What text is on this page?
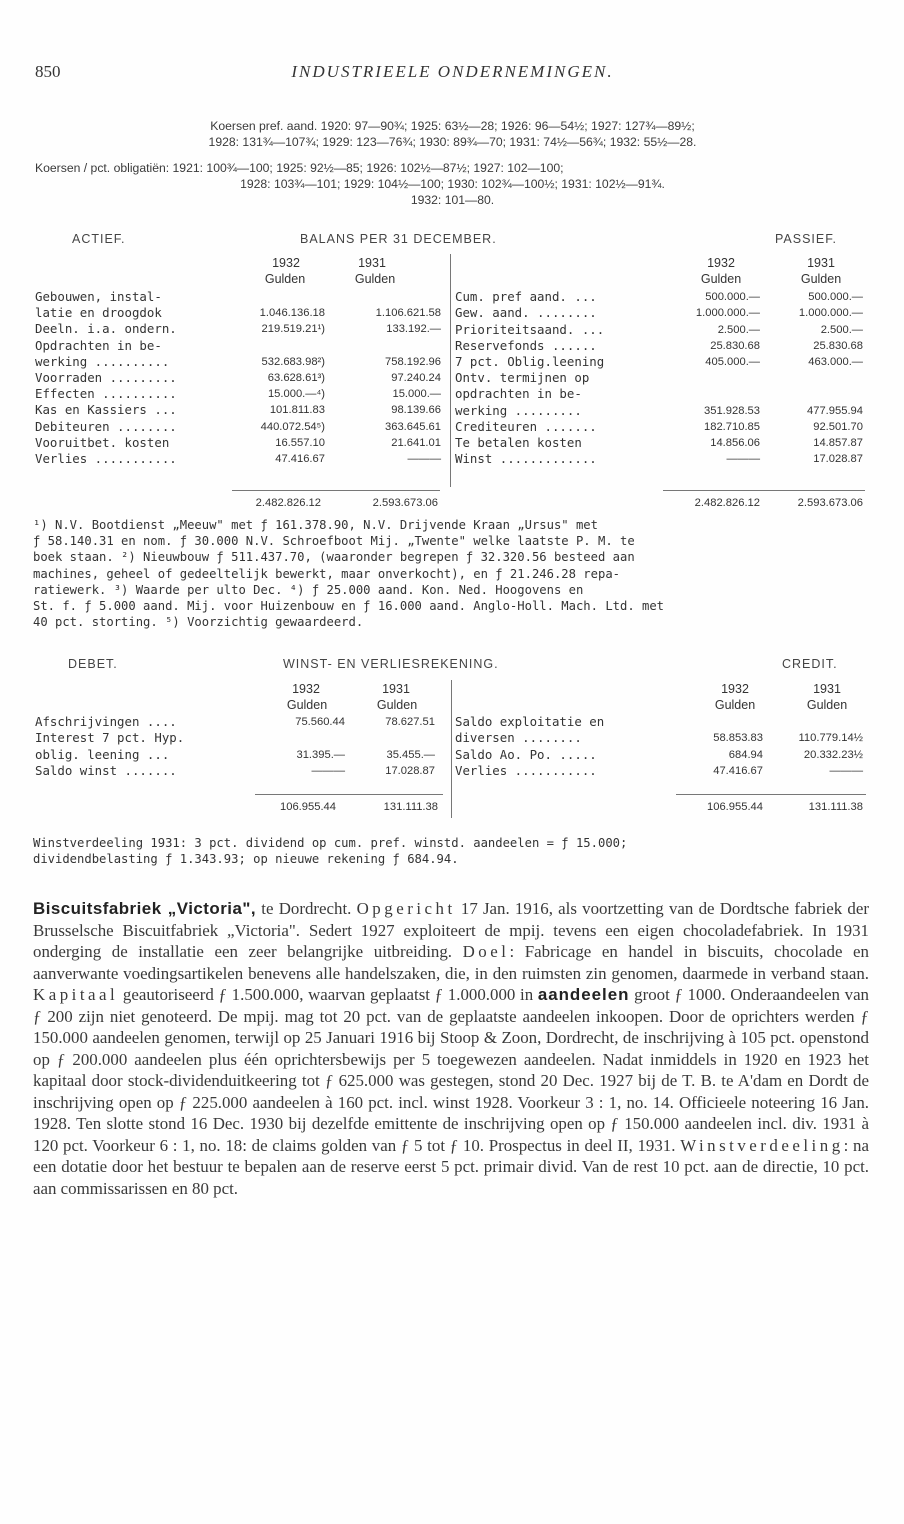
850	INDUSTRIEELE ONDERNEMINGEN.
Koersen pref. aand. 1920: 97—90¾; 1925: 63½—28; 1926: 96—54½; 1927: 127¾—89½;
1928: 131¾—107¾; 1929: 123—76¾; 1930: 89¾—70; 1931: 74½—56¾; 1932: 55½—28.
Koersen / pct. obligatiën: 1921: 100¾—100; 1925: 92½—85; 1926: 102½—87½; 1927: 102—100;
1928: 103¾—101; 1929: 104½—100; 1930: 102¾—100½; 1931: 102½—91¾.
1932: 101—80.
ACTIEF.	BALANS PER 31 DECEMBER.	PASSIEF.
1932	1931
Gulden	Gulden
1932	1931
Gulden	Gulden
Gebouwen, instal-
latie en droogdok	1.046.136.18	1.106.621.58
Deeln. i.a. ondern.	219.519.21¹)	133.192.—
Opdrachten in be-
werking ..........	532.683.98²)	758.192.96
Voorraden .........	63.628.61³)	97.240.24
Effecten ..........	15.000.—⁴)	15.000.—
Kas en Kassiers ...	101.811.83	98.139.66
Debiteuren ........	440.072.54⁵)	363.645.61
Vooruitbet. kosten	16.557.10	21.641.01
Verlies ...........	47.416.67	———
Cum. pref aand. ...	500.000.—	500.000.—
Gew. aand. ........	1.000.000.—	1.000.000.—
Prioriteitsaand. ...	2.500.—	2.500.—
Reservefonds ......	25.830.68	25.830.68
7 pct. Oblig.leening	405.000.—	463.000.—
Ontv. termijnen op
opdrachten in be-
werking .........	351.928.53	477.955.94
Crediteuren .......	182.710.85	92.501.70
Te betalen kosten	14.856.06	14.857.87
Winst .............	———	17.028.87
2.482.826.12	2.593.673.06	2.482.826.12	2.593.673.06
¹) N.V. Bootdienst „Meeuw" met ƒ 161.378.90, N.V. Drijvende Kraan „Ursus" met
ƒ 58.140.31 en nom. ƒ 30.000 N.V. Schroefboot Mij. „Twente" welke laatste P. M. te
boek staan. ²) Nieuwbouw ƒ 511.437.70, (waaronder begrepen ƒ 32.320.56 besteed aan
machines, geheel of gedeeltelijk bewerkt, maar onverkocht), en ƒ 21.246.28 repa-
ratiewerk. ³) Waarde per ulto Dec. ⁴) ƒ 25.000 aand. Kon. Ned. Hoogovens en
St. f. ƒ 5.000 aand. Mij. voor Huizenbouw en ƒ 16.000 aand. Anglo-Holl. Mach. Ltd. met
40 pct. storting. ⁵) Voorzichtig gewaardeerd.
DEBET.	WINST- EN VERLIESREKENING.	CREDIT.
1932	1931
Gulden	Gulden
1932	1931
Gulden	Gulden
Afschrijvingen ....	75.560.44	78.627.51
Interest 7 pct. Hyp.
oblig. leening ...	31.395.—	35.455.—
Saldo winst .......	———	17.028.87
Saldo exploitatie en
diversen ........	58.853.83	110.779.14½
Saldo Ao. Po. .....	684.94	20.332.23½
Verlies ...........	47.416.67	———
106.955.44	131.111.38	106.955.44	131.111.38
Winstverdeeling 1931: 3 pct. dividend op cum. pref. winstd. aandeelen = ƒ 15.000;
dividendbelasting ƒ 1.343.93; op nieuwe rekening ƒ 684.94.
Biscuitsfabriek „Victoria", te Dordrecht. Opgericht 17 Jan. 1916, als voortzetting van de Dordtsche fabriek der Brusselsche Biscuitfabriek „Victoria". Sedert 1927 exploiteert de mpij. tevens een eigen chocoladefabriek. In 1931 onderging de installatie een zeer belangrijke uitbreiding. Doel: Fabricage en handel in biscuits, chocolade en aanverwante voedingsartikelen benevens alle handelszaken, die, in den ruimsten zin genomen, daarmede in verband staan. Kapitaal geautoriseerd ƒ 1.500.000, waarvan geplaatst ƒ 1.000.000 in aandeelen groot ƒ 1000. Onderaandeelen van ƒ 200 zijn niet genoteerd. De mpij. mag tot 20 pct. van de geplaatste aandeelen inkoopen. Door de oprichters werden ƒ 150.000 aandeelen genomen, terwijl op 25 Januari 1916 bij Stoop & Zoon, Dordrecht, de inschrijving à 105 pct. openstond op ƒ 200.000 aandeelen plus één oprichtersbewijs per 5 toegewezen aandeelen. Nadat inmiddels in 1920 en 1923 het kapitaal door stock-dividenduitkeering tot ƒ 625.000 was gestegen, stond 20 Dec. 1927 bij de T. B. te A'dam en Dordt de inschrijving open op ƒ 225.000 aandeelen à 160 pct. incl. winst 1928. Voorkeur 3 : 1, no. 14. Officieele noteering 16 Jan. 1928. Ten slotte stond 16 Dec. 1930 bij dezelfde emittente de inschrijving open op ƒ 150.000 aandeelen incl. div. 1931 à 120 pct. Voorkeur 6 : 1, no. 18: de claims golden van ƒ 5 tot ƒ 10. Prospectus in deel II, 1931. Winstverdeeling: na een dotatie door het bestuur te bepalen aan de reserve eerst 5 pct. primair divid. Van de rest 10 pct. aan de directie, 10 pct. aan commissarissen en 80 pct.
